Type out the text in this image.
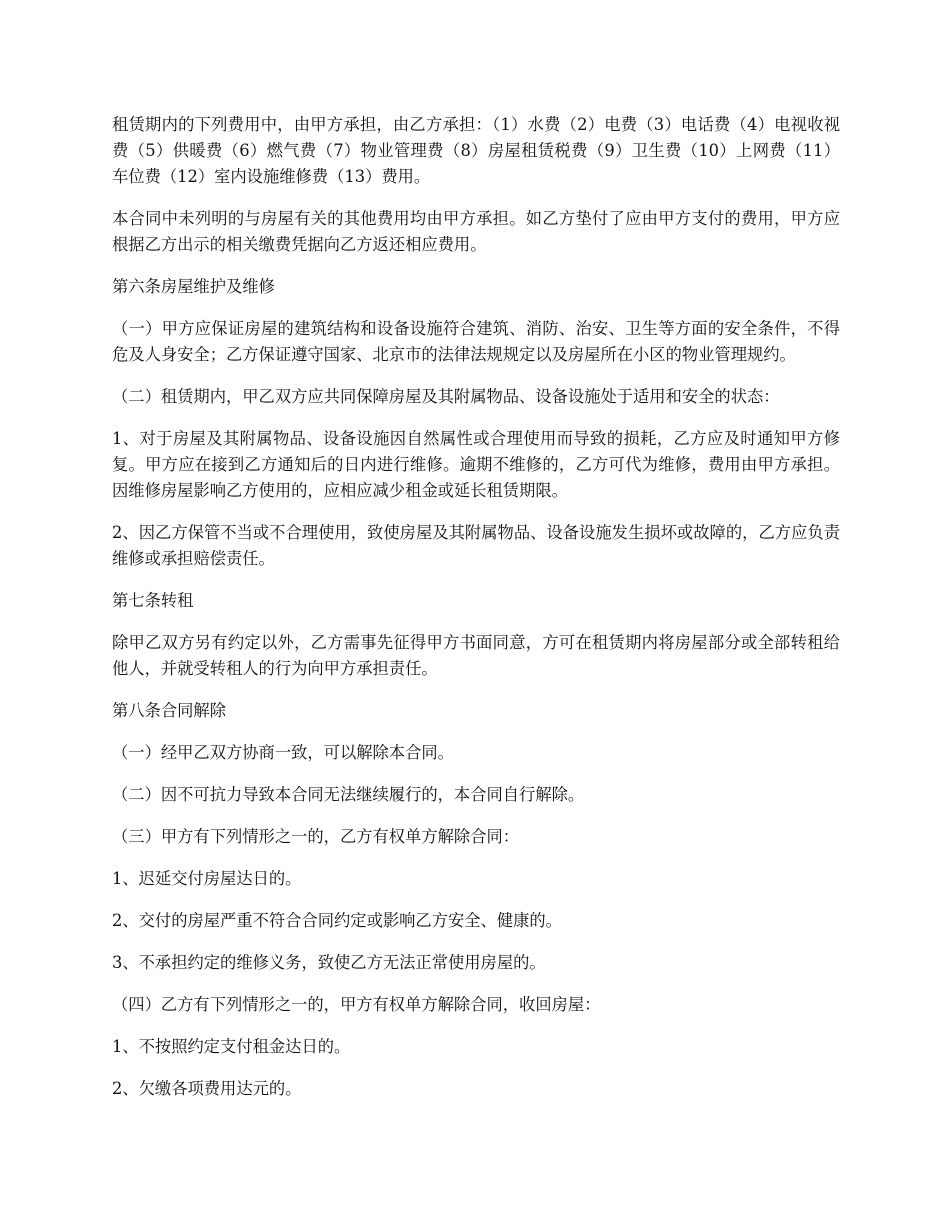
租赁期内的下列费用中，由甲方承担，由乙方承担：（1）水费（2）电费（3）电话费（4）电视收视费（5）供暖费（6）燃气费（7）物业管理费（8）房屋租赁税费（9）卫生费（10）上网费（11）车位费（12）室内设施维修费（13）费用。

本合同中未列明的与房屋有关的其他费用均由甲方承担。如乙方垫付了应由甲方支付的费用，甲方应根据乙方出示的相关缴费凭据向乙方返还相应费用。

第六条房屋维护及维修

（一）甲方应保证房屋的建筑结构和设备设施符合建筑、消防、治安、卫生等方面的安全条件，不得危及人身安全；乙方保证遵守国家、北京市的法律法规规定以及房屋所在小区的物业管理规约。

（二）租赁期内，甲乙双方应共同保障房屋及其附属物品、设备设施处于适用和安全的状态：

1、对于房屋及其附属物品、设备设施因自然属性或合理使用而导致的损耗，乙方应及时通知甲方修复。甲方应在接到乙方通知后的日内进行维修。逾期不维修的，乙方可代为维修，费用由甲方承担。因维修房屋影响乙方使用的，应相应减少租金或延长租赁期限。

2、因乙方保管不当或不合理使用，致使房屋及其附属物品、设备设施发生损坏或故障的，乙方应负责维修或承担赔偿责任。

第七条转租

除甲乙双方另有约定以外，乙方需事先征得甲方书面同意，方可在租赁期内将房屋部分或全部转租给他人，并就受转租人的行为向甲方承担责任。

第八条合同解除

（一）经甲乙双方协商一致，可以解除本合同。

（二）因不可抗力导致本合同无法继续履行的，本合同自行解除。

（三）甲方有下列情形之一的，乙方有权单方解除合同：

1、迟延交付房屋达日的。

2、交付的房屋严重不符合合同约定或影响乙方安全、健康的。

3、不承担约定的维修义务，致使乙方无法正常使用房屋的。

（四）乙方有下列情形之一的，甲方有权单方解除合同，收回房屋：

1、不按照约定支付租金达日的。

2、欠缴各项费用达元的。
